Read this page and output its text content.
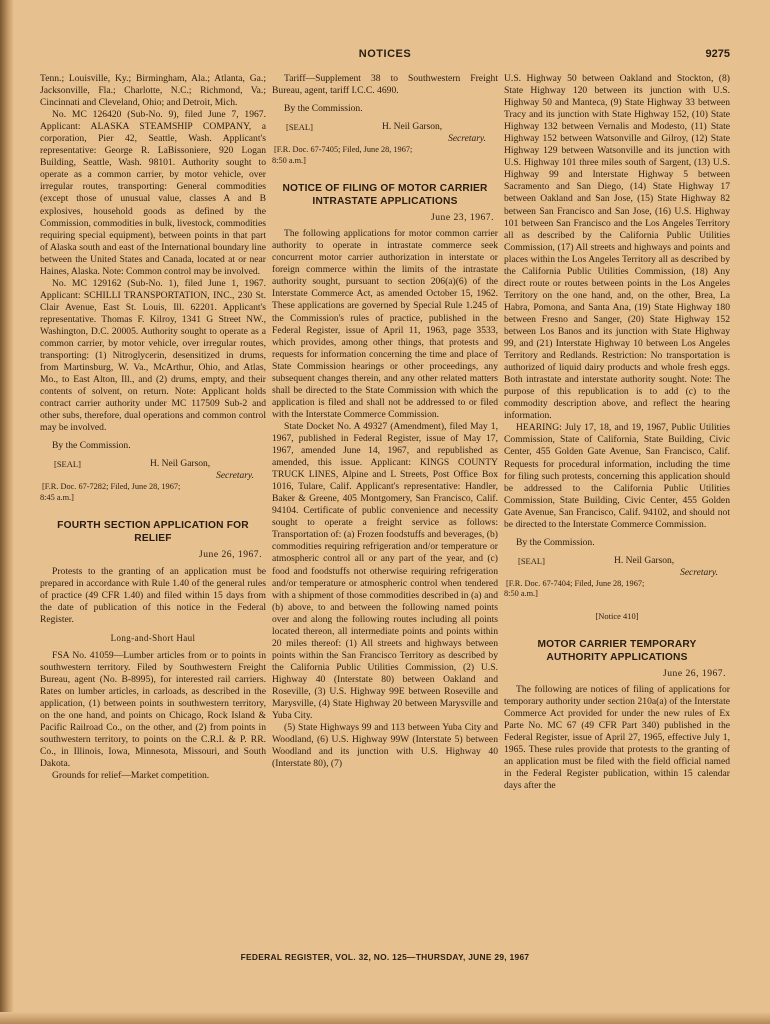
NOTICES	9275

Tenn.; Louisville, Ky.; Birmingham, Ala.; Atlanta, Ga.; Jacksonville, Fla.; Charlotte, N.C.; Richmond, Va.; Cincinnati and Cleveland, Ohio; and Detroit, Mich.

No. MC 126420 (Sub-No. 9), filed June 7, 1967. Applicant: ALASKA STEAMSHIP COMPANY, a corporation, Pier 42, Seattle, Wash. Applicant's representative: George R. LaBissoniere, 920 Logan Building, Seattle, Wash. 98101. Authority sought to operate as a common carrier, by motor vehicle, over irregular routes, transporting: General commodities (except those of unusual value, classes A and B explosives, household goods as defined by the Commission, commodities in bulk, livestock, commodities requiring special equipment), between points in that part of Alaska south and east of the International boundary line between the United States and Canada, located at or near Haines, Alaska. Note: Common control may be involved.

No. MC 129162 (Sub-No. 1), filed June 1, 1967. Applicant: SCHILLI TRANSPORTATION, INC., 230 St. Clair Avenue, East St. Louis, Ill. 62201. Applicant's representative. Thomas F. Kilroy, 1341 G Street NW., Washington, D.C. 20005. Authority sought to operate as a common carrier, by motor vehicle, over irregular routes, transporting: (1) Nitroglycerin, desensitized in drums, from Martinsburg, W. Va., McArthur, Ohio, and Atlas, Mo., to East Alton, Ill., and (2) drums, empty, and their contents of solvent, on return. Note: Applicant holds contract carrier authority under MC 117509 Sub-2 and other subs, therefore, dual operations and common control may be involved.

By the Commission.

[SEAL]	H. Neil Garson,
Secretary.

[F.R. Doc. 67-7282; Filed, June 28, 1967;

8:45 a.m.]

FOURTH SECTION APPLICATION FOR RELIEF
June 26, 1967.

Protests to the granting of an application must be prepared in accordance with Rule 1.40 of the general rules of practice (49 CFR 1.40) and filed within 15 days from the date of publication of this notice in the Federal Register.

Long-and-Short Haul

FSA No. 41059—Lumber articles from or to points in southwestern territory. Filed by Southwestern Freight Bureau, agent (No. B-8995), for interested rail carriers. Rates on lumber articles, in carloads, as described in the application, (1) between points in southwestern territory, on the one hand, and points on Chicago, Rock Island & Pacific Railroad Co., on the other, and (2) from points in southwestern territory, to points on the C.R.I. & P. RR. Co., in Illinois, Iowa, Minnesota, Missouri, and South Dakota.

Grounds for relief—Market competition.

Tariff—Supplement 38 to Southwestern Freight Bureau, agent, tariff I.C.C. 4690.

By the Commission.

[SEAL]	H. Neil Garson,
Secretary.

[F.R. Doc. 67-7405; Filed, June 28, 1967;

8:50 a.m.]

NOTICE OF FILING OF MOTOR CARRIER INTRASTATE APPLICATIONS
June 23, 1967.

The following applications for motor common carrier authority to operate in intrastate commerce seek concurrent motor carrier authorization in interstate or foreign commerce within the limits of the intrastate authority sought, pursuant to section 206(a)(6) of the Interstate Commerce Act, as amended October 15, 1962. These applications are governed by Special Rule 1.245 of the Commission's rules of practice, published in the Federal Register, issue of April 11, 1963, page 3533, which provides, among other things, that protests and requests for information concerning the time and place of State Commission hearings or other proceedings, any subsequent changes therein, and any other related matters shall be directed to the State Commission with which the application is filed and shall not be addressed to or filed with the Interstate Commerce Commission.

State Docket No. A 49327 (Amendment), filed May 1, 1967, published in Federal Register, issue of May 17, 1967, amended June 14, 1967, and republished as amended, this issue. Applicant: KINGS COUNTY TRUCK LINES, Alpine and L Streets, Post Office Box 1016, Tulare, Calif. Applicant's representative: Handler, Baker & Greene, 405 Montgomery, San Francisco, Calif. 94104. Certificate of public convenience and necessity sought to operate a freight service as follows: Transportation of: (a) Frozen foodstuffs and beverages, (b) commodities requiring refrigeration and/or temperature or atmospheric control all or any part of the year, and (c) food and foodstuffs not otherwise requiring refrigeration and/or temperature or atmospheric control when tendered with a shipment of those commodities described in (a) and (b) above, to and between the following named points over and along the following routes including all points located thereon, all intermediate points and points within 20 miles thereof: (1) All streets and highways between points within the San Francisco Territory as described by the California Public Utilities Commission, (2) U.S. Highway 40 (Interstate 80) between Oakland and Roseville, (3) U.S. Highway 99E between Roseville and Marysville, (4) State Highway 20 between Marysville and Yuba City.

(5) State Highways 99 and 113 between Yuba City and Woodland, (6) U.S. Highway 99W (Interstate 5) between Woodland and its junction with U.S. Highway 40 (Interstate 80), (7)

U.S. Highway 50 between Oakland and Stockton, (8) State Highway 120 between its junction with U.S. Highway 50 and Manteca, (9) State Highway 33 between Tracy and its junction with State Highway 152, (10) State Highway 132 between Vernalis and Modesto, (11) State Highway 152 between Watsonville and Gilroy, (12) State Highway 129 between Watsonville and its junction with U.S. Highway 101 three miles south of Sargent, (13) U.S. Highway 99 and Interstate Highway 5 between Sacramento and San Diego, (14) State Highway 17 between Oakland and San Jose, (15) State Highway 82 between San Francisco and San Jose, (16) U.S. Highway 101 between San Francisco and the Los Angeles Territory all as described by the California Public Utilities Commission, (17) All streets and highways and points and places within the Los Angeles Territory all as described by the California Public Utilities Commission, (18) Any direct route or routes between points in the Los Angeles Territory on the one hand, and, on the other, Brea, La Habra, Pomona, and Santa Ana, (19) State Highway 180 between Fresno and Sanger, (20) State Highway 152 between Los Banos and its junction with State Highway 99, and (21) Interstate Highway 10 between Los Angeles Territory and Redlands. Restriction: No transportation is authorized of liquid dairy products and whole fresh eggs. Both intrastate and interstate authority sought. Note: The purpose of this republication is to add (c) to the commodity description above, and reflect the hearing information.

HEARING: July 17, 18, and 19, 1967, Public Utilities Commission, State of California, State Building, Civic Center, 455 Golden Gate Avenue, San Francisco, Calif. Requests for procedural information, including the time for filing such protests, concerning this application should be addressed to the California Public Utilities Commission, State Building, Civic Center, 455 Golden Gate Avenue, San Francisco, Calif. 94102, and should not be directed to the Interstate Commerce Commission.

By the Commission.

[SEAL]	H. Neil Garson,
Secretary.

[F.R. Doc. 67-7404; Filed, June 28, 1967;

8:50 a.m.]

[Notice 410]
MOTOR CARRIER TEMPORARY AUTHORITY APPLICATIONS
June 26, 1967.

The following are notices of filing of applications for temporary authority under section 210a(a) of the Interstate Commerce Act provided for under the new rules of Ex Parte No. MC 67 (49 CFR Part 340) published in the Federal Register, issue of April 27, 1965, effective July 1, 1965. These rules provide that protests to the granting of an application must be filed with the field official named in the Federal Register publication, within 15 calendar days after the

FEDERAL REGISTER, VOL. 32, NO. 125—THURSDAY, JUNE 29, 1967
